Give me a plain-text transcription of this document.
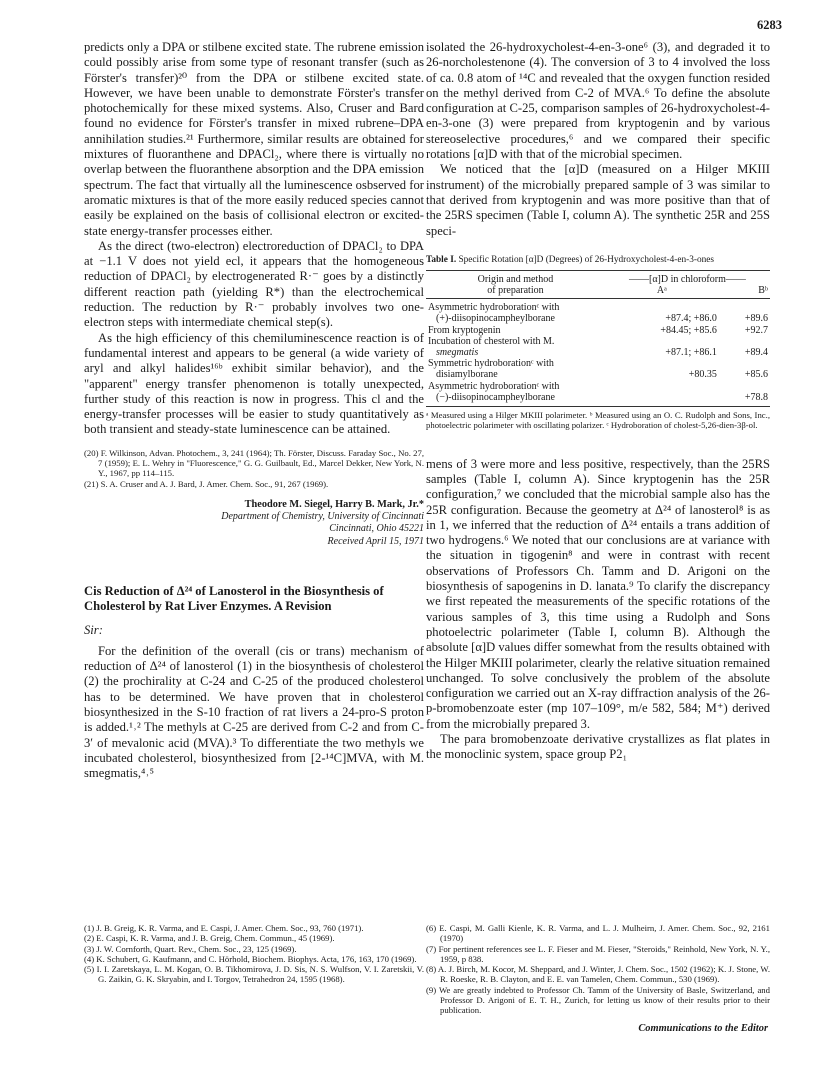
6283

predicts only a DPA or stilbene excited state. The rubrene emission could possibly arise from some type of resonant transfer (such as Förster's transfer)²⁰ from the DPA or stilbene excited state. However, we have been unable to demonstrate Förster's transfer photochemically for these mixed systems. Also, Cruser and Bard found no evidence for Förster's transfer in mixed rubrene–DPA annihilation studies.²¹ Furthermore, similar results are obtained for mixtures of fluoranthene and DPACl₂, where there is virtually no overlap between the fluoranthene absorption and the DPA emission spectrum. The fact that virtually all the luminescence osbserved for aromatic mixtures is that of the more easily reduced species cannot easily be explained on the basis of collisional electron or excited-state energy-transfer processes either.

As the direct (two-electron) electroreduction of DPACl₂ to DPA at −1.1 V does not yield ecl, it appears that the homogeneous reduction of DPACl₂ by electrogenerated R·⁻ goes by a distinctly different reaction path (yielding R*) than the electrochemical reduction. The reduction by R·⁻ probably involves two one-electron steps with intermediate chemical step(s).

As the high efficiency of this chemiluminescence reaction is of fundamental interest and appears to be general (a wide variety of aryl and alkyl halides¹⁶ᵇ exhibit similar behavior), and the "apparent" energy transfer phenomenon is totally unexpected, further study of this reaction is now in progress. This cl and the energy-transfer processes will be easier to study quantitatively as both transient and steady-state luminescence can be attained.

(20) F. Wilkinson, Advan. Photochem., 3, 241 (1964); Th. Förster, Discuss. Faraday Soc., No. 27, 7 (1959); E. L. Wehry in "Fluorescence," G. G. Guilbault, Ed., Marcel Dekker, New York, N. Y., 1967, pp 114–115.

(21) S. A. Cruser and A. J. Bard, J. Amer. Chem. Soc., 91, 267 (1969).

Theodore M. Siegel, Harry B. Mark, Jr.*
Department of Chemistry, University of Cincinnati
Cincinnati, Ohio 45221
Received April 15, 1971
Cis Reduction of Δ²⁴ of Lanosterol in the Biosynthesis of Cholesterol by Rat Liver Enzymes. A Revision
Sir:

For the definition of the overall (cis or trans) mechanism of reduction of Δ²⁴ of lanosterol (1) in the biosynthesis of cholesterol (2) the prochirality at C-24 and C-25 of the produced cholesterol has to be determined. We have proven that in cholesterol biosynthesized in the S-10 fraction of rat livers a 24-pro-S proton is added.¹˒² The methyls at C-25 are derived from C-2 and from C-3′ of mevalonic acid (MVA).³ To differentiate the two methyls we incubated cholesterol, biosynthesized from [2-¹⁴C]MVA, with M. smegmatis,⁴˒⁵

(1) J. B. Greig, K. R. Varma, and E. Caspi, J. Amer. Chem. Soc., 93, 760 (1971).

(2) E. Caspi, K. R. Varma, and J. B. Greig, Chem. Commun., 45 (1969).

(3) J. W. Cornforth, Quart. Rev., Chem. Soc., 23, 125 (1969).

(4) K. Schubert, G. Kaufmann, and C. Hörhold, Biochem. Biophys. Acta, 176, 163, 170 (1969).

(5) I. I. Zaretskaya, L. M. Kogan, O. B. Tikhomirova, J. D. Sis, N. S. Wulfson, V. I. Zaretskii, V. G. Zaikin, G. K. Skryabin, and I. Torgov, Tetrahedron 24, 1595 (1968).

isolated the 26-hydroxycholest-4-en-3-one⁶ (3), and degraded it to 26-norcholestenone (4). The conversion of 3 to 4 involved the loss of ca. 0.8 atom of ¹⁴C and revealed that the oxygen function resided on the methyl derived from C-2 of MVA.⁶ To define the absolute configuration at C-25, comparison samples of 26-hydroxycholest-4-en-3-one (3) were prepared from kryptogenin and by various stereoselective procedures,⁶ and we compared their specific rotations [α]D with that of the microbial specimen.

We noticed that the [α]D (measured on a Hilger MKIII instrument) of the microbially prepared sample of 3 was similar to that derived from kryptogenin and was more positive than that of the 25RS specimen (Table I, column A). The synthetic 25R and 25S speci-

Table I. Specific Rotation [α]D (Degrees) of 26-Hydroxycholest-4-en-3-ones
Origin and method	——[α]D in chloroform——	
of preparation	Aᵃ	Bᵇ
Asymmetric hydroborationᶜ with		
(+)-diisopinocampheylborane	+87.4; +86.0	+89.6
From kryptogenin	+84.45; +85.6	+92.7
Incubation of chesterol with M.		
smegmatis	+87.1; +86.1	+89.4
Symmetric hydroborationᶜ with		
disiamylborane	+80.35	+85.6
Asymmetric hydroborationᶜ with		
(−)-diisopinocampheylborane		+78.8
ᵃ Measured using a Hilger MKIII polarimeter. ᵇ Measured using an O. C. Rudolph and Sons, Inc., photoelectric polarimeter with oscillating polarizer. ᶜ Hydroboration of cholest-5,26-dien-3β-ol.

mens of 3 were more and less positive, respectively, than the 25RS samples (Table I, column A). Since kryptogenin has the 25R configuration,⁷ we concluded that the microbial sample also has the 25R configuration. Because the geometry at Δ²⁴ of lanosterol⁸ is as in 1, we inferred that the reduction of Δ²⁴ entails a trans addition of two hydrogens.⁶ We noted that our conclusions are at variance with the situation in tigogenin⁸ and were in contrast with recent observations of Professors Ch. Tamm and D. Arigoni on the biosynthesis of sapogenins in D. lanata.⁹ To clarify the discrepancy we first repeated the measurements of the specific rotations of the various samples of 3, this time using a Rudolph and Sons photoelectric polarimeter (Table I, column B). Although the absolute [α]D values differ somewhat from the results obtained with the Hilger MKIII polarimeter, clearly the relative situation remained unchanged. To solve conclusively the problem of the absolute configuration we carried out an X-ray diffraction analysis of the 26-p-bromobenzoate ester (mp 107–109°, m/e 582, 584; M⁺) derived from the microbially prepared 3.

The para bromobenzoate derivative crystallizes as flat plates in the monoclinic system, space group P2₁

(6) E. Caspi, M. Galli Kienle, K. R. Varma, and L. J. Mulheirn, J. Amer. Chem. Soc., 92, 2161 (1970)

(7) For pertinent references see L. F. Fieser and M. Fieser, "Steroids," Reinhold, New York, N. Y., 1959, p 838.

(8) A. J. Birch, M. Kocor, M. Sheppard, and J. Winter, J. Chem. Soc., 1502 (1962); K. J. Stone, W. R. Roeske, R. B. Clayton, and E. E. van Tamelen, Chem. Commun., 530 (1969).

(9) We are greatly indebted to Professor Ch. Tamm of the University of Basle, Switzerland, and Professor D. Arigoni of E. T. H., Zurich, for letting us know of their results prior to their publication.

Communications to the Editor
